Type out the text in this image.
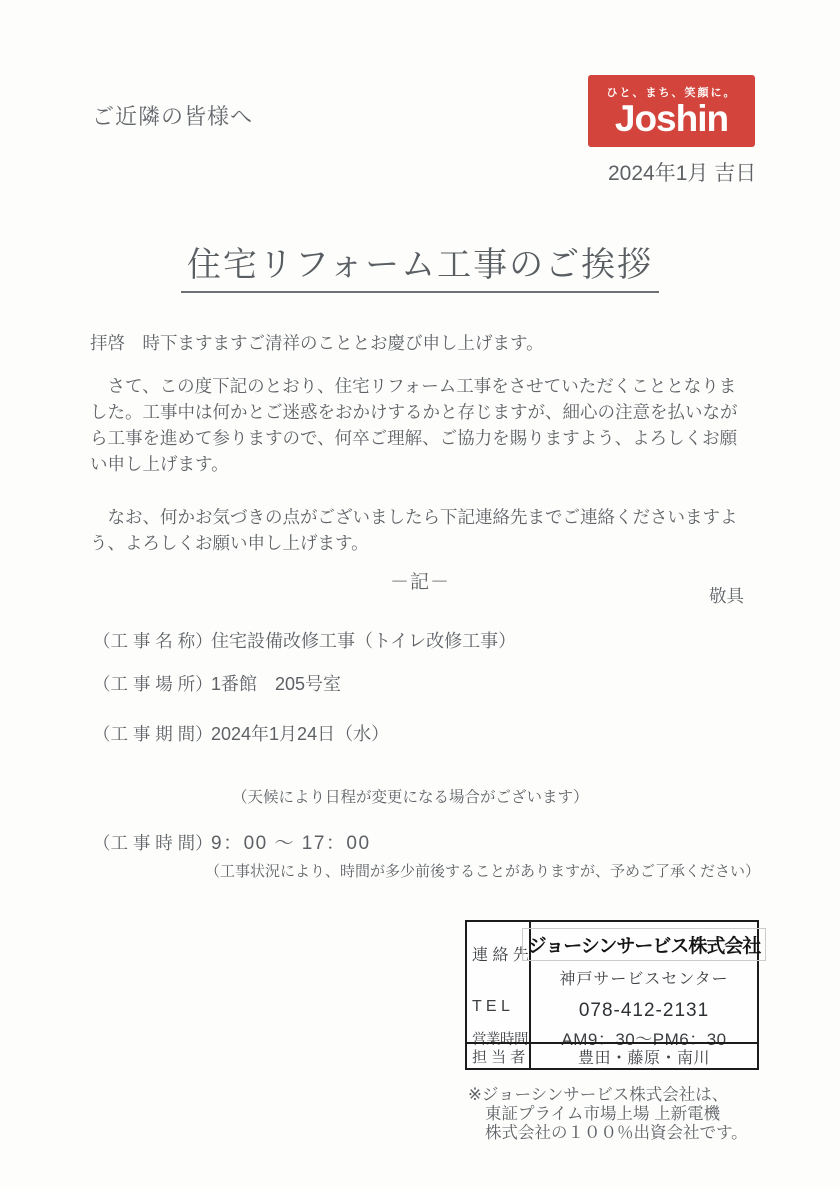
ご近隣の皆様へ
ひと、まち、笑顔に。
Joshin
2024年1月 吉日
住宅リフォーム工事のご挨拶

拝啓　時下ますますご清祥のこととお慶び申し上げます。

　さて、この度下記のとおり、住宅リフォーム工事をさせていただくこととなりました。工事中は何かとご迷惑をおかけするかと存じますが、細心の注意を払いながら工事を進めて参りますので、何卒ご理解、ご協力を賜りますよう、よろしくお願い申し上げます。

　なお、何かお気づきの点がございましたら下記連絡先までご連絡くださいますよう、よろしくお願い申し上げます。

敬具

－記－
（工 事 名 称）
住宅設備改修工事（トイレ改修工事）
（工 事 場 所）
1番館　205号室
（工 事 期 間）
2024年1月24日（水）
（天候により日程が変更になる場合がございます）
（工 事 時 間）
9：00 ～ 17：00
（工事状況により、時間が多少前後することがありますが、予めご了承ください）
連 絡 先
T E L
営業時間
ジョーシンサービス株式会社
神戸サービスセンター
078-412-2131
AM9：30～PM6：30
担 当 者	豊田・藤原・南川
※ジョーシンサービス株式会社は、
東証プライム市場上場 上新電機
株式会社の１００％出資会社です。
